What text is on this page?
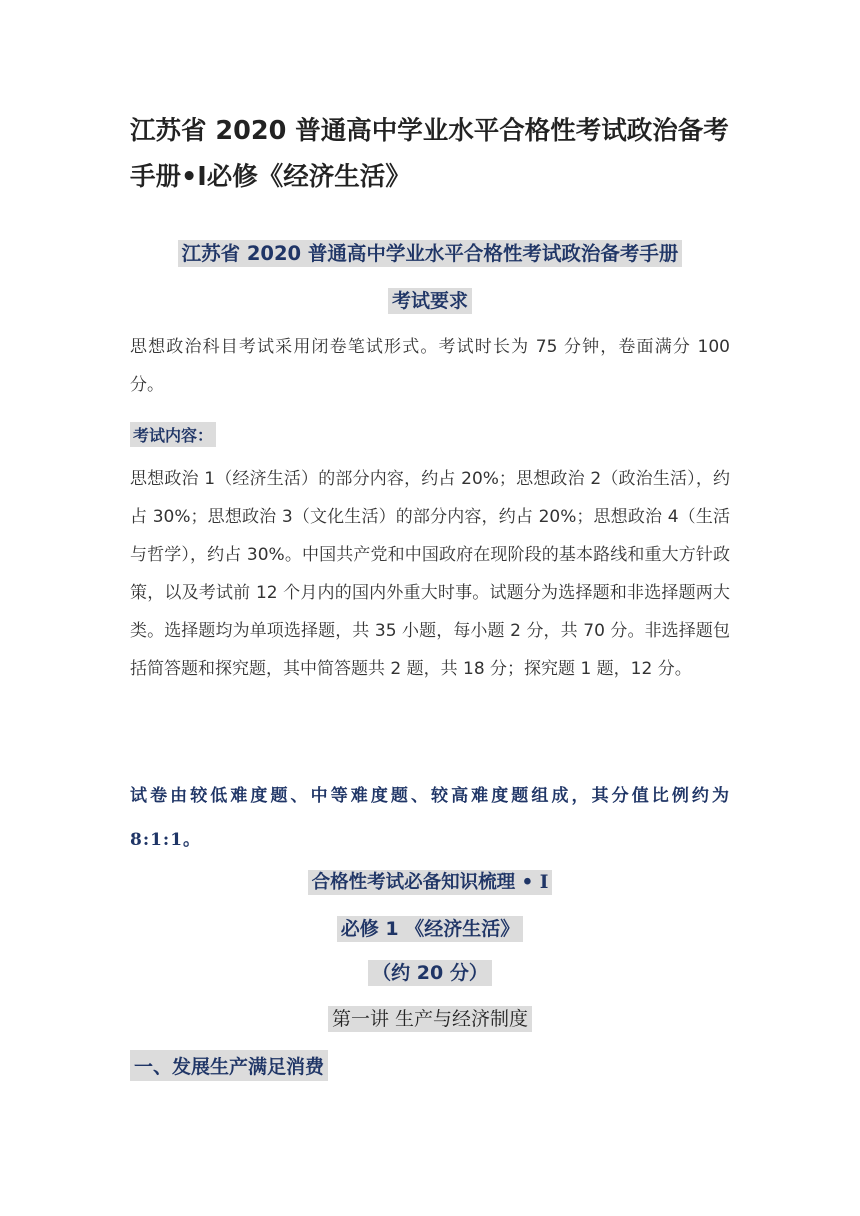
江苏省 2020 普通高中学业水平合格性考试政治备考手册•Ⅰ必修《经济生活》
江苏省 2020 普通高中学业水平合格性考试政治备考手册
考试要求

思想政治科目考试采用闭卷笔试形式。考试时长为 75 分钟，卷面满分 100 分。

考试内容：

思想政治 1（经济生活）的部分内容，约占 20%；思想政治 2（政治生活），约占 30%；思想政治 3（文化生活）的部分内容，约占 20%；思想政治 4（生活与哲学），约占 30%。中国共产党和中国政府在现阶段的基本路线和重大方针政策，以及考试前 12 个月内的国内外重大时事。试题分为选择题和非选择题两大类。选择题均为单项选择题，共 35 小题，每小题 2 分，共 70 分。非选择题包括简答题和探究题，其中简答题共 2 题，共 18 分；探究题 1 题，12 分。

试卷由较低难度题、中等难度题、较高难度题组成，其分值比例约为 8:1:1。

合格性考试必备知识梳理 • Ⅰ
必修 1 《经济生活》
（约 20 分）
第一讲 生产与经济制度
一、发展生产满足消费
